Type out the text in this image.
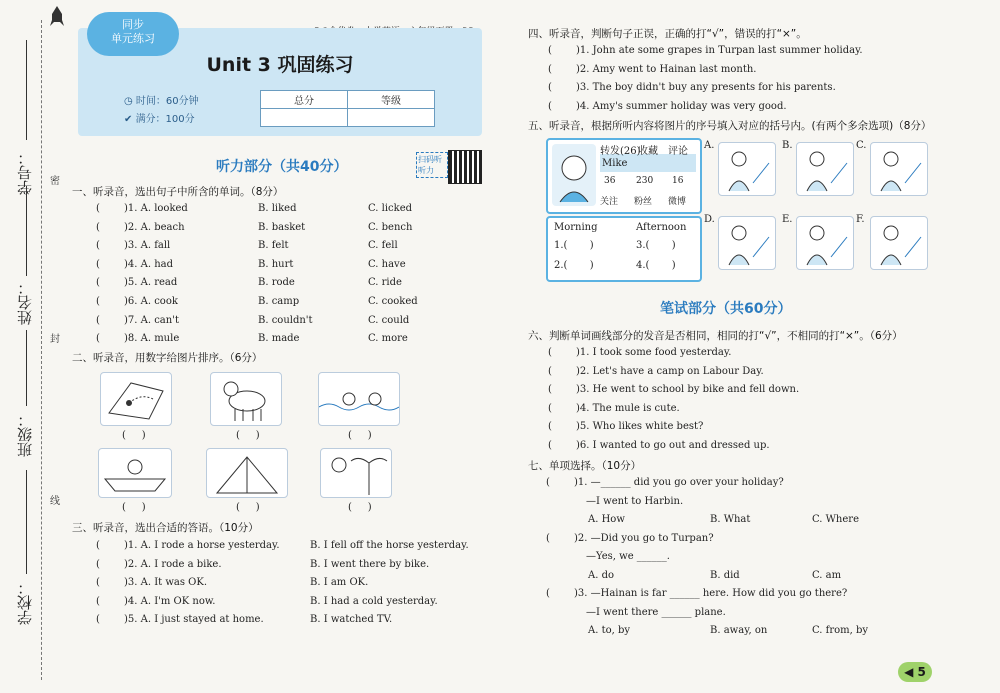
学号：
姓名：
班级：
学校：
密
封
线

Unit 3 巩固练习
◷ 时间：60分钟
✔ 满分：100分
同步
单元练习
总分	等级

听力部分（共40分）	扫码听听力
一、听录音，选出句子中所含的单词。（8分）
( )1. A. looked	B. liked	C. licked
( )2. A. beach	B. basket	C. bench
( )3. A. fall	B. felt	C. fell
( )4. A. had	B. hurt	C. have
( )5. A. read	B. rode	C. ride
( )6. A. cook	B. camp	C. cooked
( )7. A. can't	B. couldn't	C. could
( )8. A. mule	B. made	C. more
二、听录音，用数字给图片排序。（6分）
(     )	(     )	(     )
(     )	(     )	(     )
三、听录音，选出合适的答语。（10分）
( )1. A. I rode a horse yesterday.	B. I fell off the horse yesterday.
( )2. A. I rode a bike.	B. I went there by bike.
( )3. A. It was OK.	B. I am OK.
( )4. A. I'm OK now.	B. I had a cold yesterday.
( )5. A. I just stayed at home.	B. I watched TV.
四、听录音，判断句子正误，正确的打“√”，错误的打“×”。
( )1. John ate some grapes in Turpan last summer holiday.
( )2. Amy went to Hainan last month.
( )3. The boy didn't buy any presents for his parents.
( )4. Amy's summer holiday was very good.
五、听录音，根据所听内容将图片的序号填入对应的括号内。(有两个多余选项)（8分）
转发(26)
收藏 评论
Mike
36 230 16
关注 粉丝 微博
Morning	Afternoon
1.( )	3.( )
2.( )	4.( )
A.	B.	C.
D.	E.	F.
笔试部分（共60分）
六、判断单词画线部分的发音是否相同，相同的打“√”，不相同的打“×”。（6分）
( )1. I took some food yesterday.
( )2. Let's have a camp on Labour Day.
( )3. He went to school by bike and fell down.
( )4. The mule is cute.
( )5. Who likes white best?
( )6. I wanted to go out and dressed up.
七、单项选择。（10分）
( )1. —______ did you go over your holiday?
—I went to Harbin.
A. How	B. What	C. Where
( )2. —Did you go to Turpan?
—Yes, we ______.
A. do	B. did	C. am
( )3. —Hainan is far ______ here. How did you go there?
—I went there ______ plane.
A. to, by	B. away, on	C. from, by
◀ 5
